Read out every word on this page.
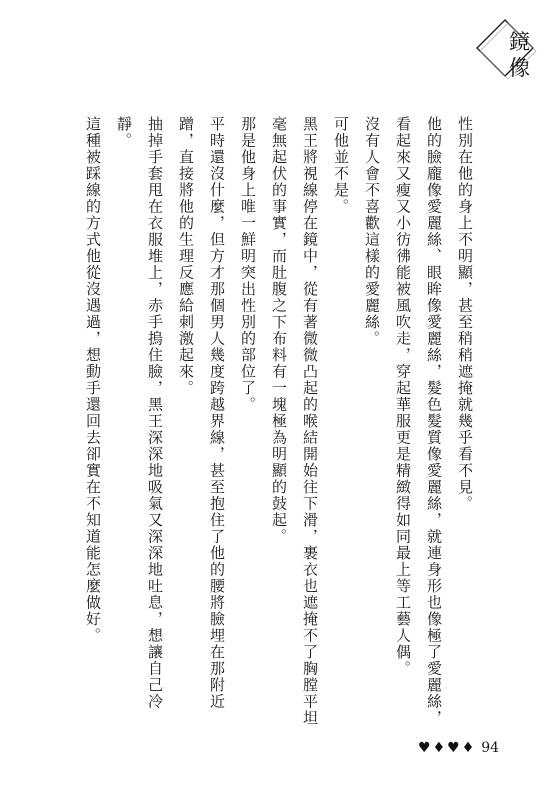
鏡
像

性別在他的身上不明顯，甚至稍稍遮掩就幾乎看不見。

他的臉龐像愛麗絲、眼眸像愛麗絲，髮色髮質像愛麗絲，就連身形也像極了愛麗絲，看起來又瘦又小彷彿能被風吹走，穿起華服更是精緻得如同最上等工藝人偶。

沒有人會不喜歡這樣的愛麗絲。

可他並不是。

黑王將視線停在鏡中，從有著微微凸起的喉結開始往下滑，裹衣也遮掩不了胸膛平坦毫無起伏的事實，而肚腹之下布料有一塊極為明顯的鼓起。

那是他身上唯一鮮明突出性別的部位了。

平時還沒什麼，但方才那個男人幾度跨越界線，甚至抱住了他的腰將臉埋在那附近蹭，直接將他的生理反應給刺激起來。

抽掉手套甩在衣服堆上，赤手摀住臉，黑王深深地吸氣又深深地吐息，想讓自己冷靜。

這種被踩線的方式他從沒遇過，想動手還回去卻實在不知道能怎麼做好。

♥ ♦ ♥ ♦ 94
